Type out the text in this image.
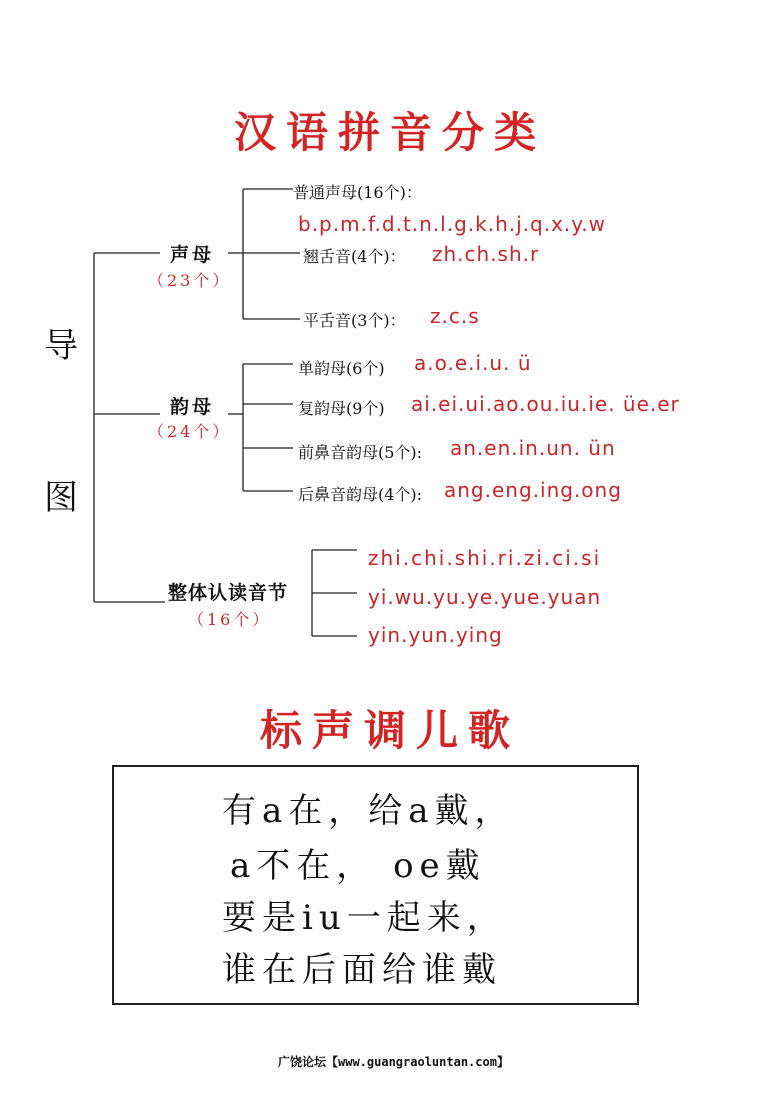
汉语拼音分类
导
图
声母
（23个）
普通声母(16个)：
b.p.m.f.d.t.n.l.g.k.h.j.q.x.y.w
翘舌音(4个)： zh.ch.sh.r
平舌音(3个)： z.c.s
韵母
（24个）
单韵母(6个) a.o.e.i.u. ü
复韵母(9个) ai.ei.ui.ao.ou.iu.ie. üe.er
前鼻音韵母(5个): an.en.in.un. ün
后鼻音韵母(4个): ang.eng.ing.ong
整体认读音节
（16个）
zhi.chi.shi.ri.zi.ci.si
yi.wu.yu.ye.yue.yuan
yin.yun.ying
标声调儿歌
有a在，给a戴，
a不在， oe戴
要是iu一起来，
谁在后面给谁戴
广饶论坛【www.guangraoluntan.com】
